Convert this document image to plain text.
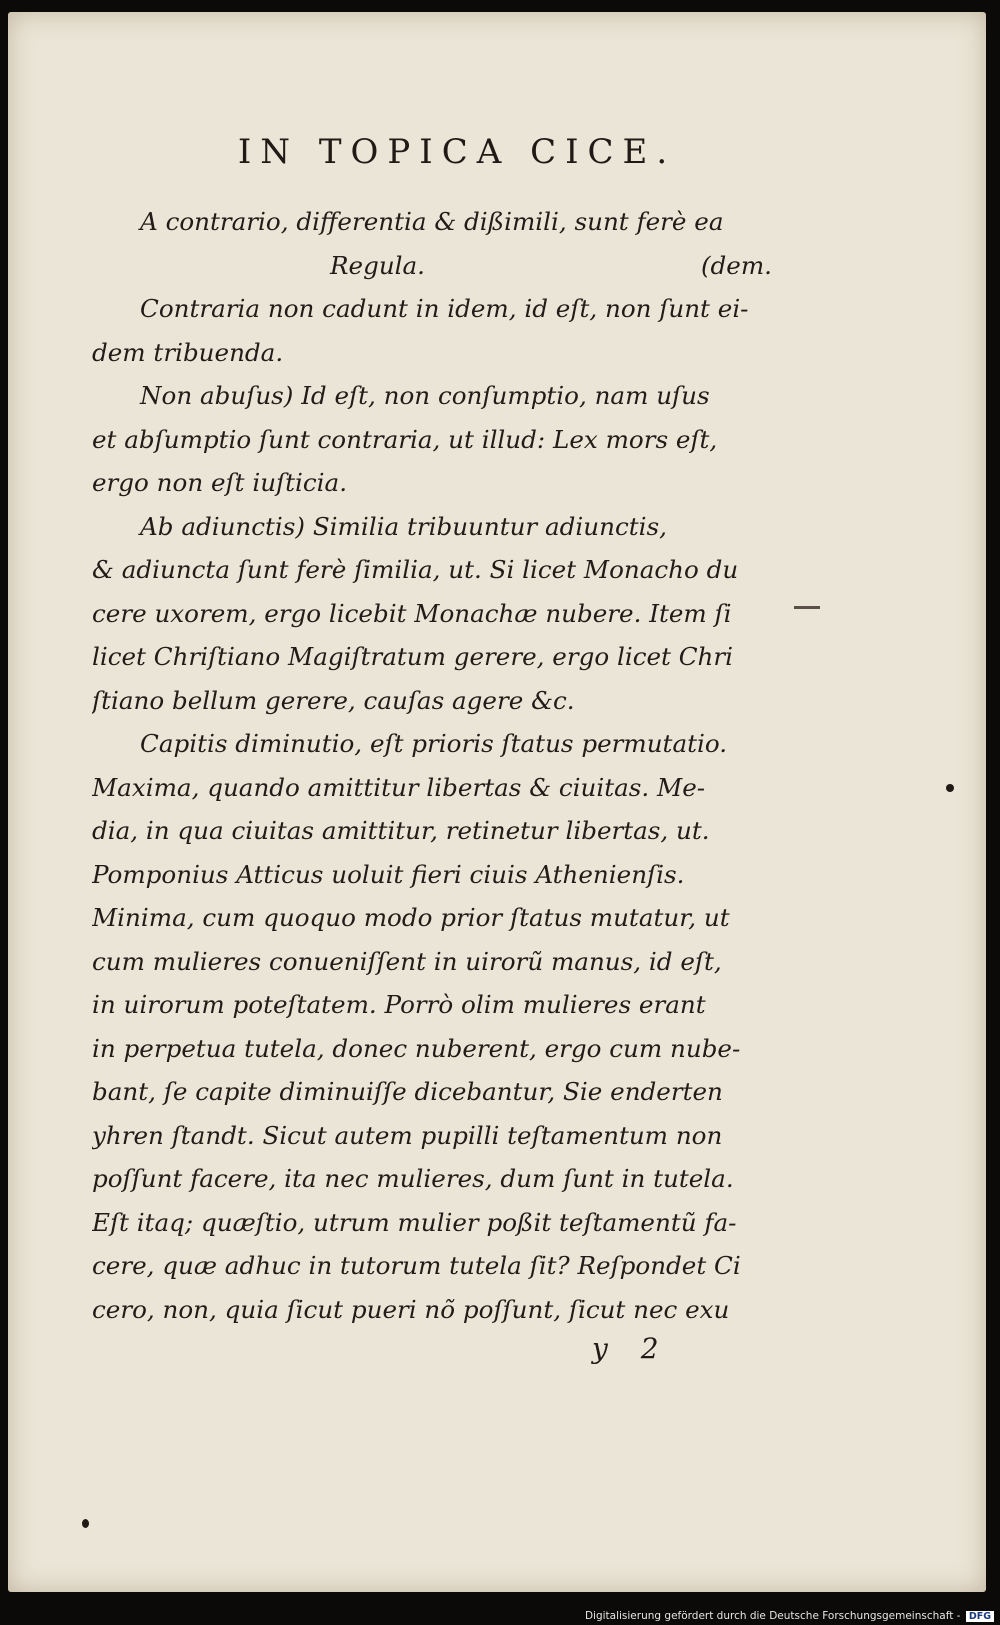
IN TOPICA CICE.
A contrario, differentia & dißimili, sunt ferè ea
Regula.	(dem.
Contraria non cadunt in idem, id eſt, non ſunt ei-
dem tribuenda.
Non abuſus) Id eſt, non conſumptio, nam uſus
et abſumptio ſunt contraria, ut illud: Lex mors eſt,
ergo non eſt iuſticia.
Ab adiunctis) Similia tribuuntur adiunctis,
& adiuncta ſunt ferè ſimilia, ut. Si licet Monacho du
cere uxorem, ergo licebit Monachæ nubere. Item ſi
licet Chriſtiano Magiſtratum gerere, ergo licet Chri
ſtiano bellum gerere, cauſas agere &c.
Capitis diminutio, eſt prioris ſtatus permutatio.
Maxima, quando amittitur libertas & ciuitas. Me-
dia, in qua ciuitas amittitur, retinetur libertas, ut.
Pomponius Atticus uoluit fieri ciuis Athenienſis.
Minima, cum quoquo modo prior ſtatus mutatur, ut
cum mulieres conueniſſent in uirorũ manus, id eſt,
in uirorum poteſtatem. Porrò olim mulieres erant
in perpetua tutela, donec nuberent, ergo cum nube-
bant, ſe capite diminuiſſe dicebantur, Sie enderten
yhren ſtandt. Sicut autem pupilli teſtamentum non
poſſunt facere, ita nec mulieres, dum ſunt in tutela.
Eſt itaq; quæſtio, utrum mulier poßit teſtamentũ fa-
cere, quæ adhuc in tutorum tutela ſit? Reſpondet Ci
cero, non, quia ſicut pueri nõ poſſunt, ſicut nec exu
y 2
Digitalisierung gefördert durch die Deutsche Forschungsgemeinschaft - DFG
